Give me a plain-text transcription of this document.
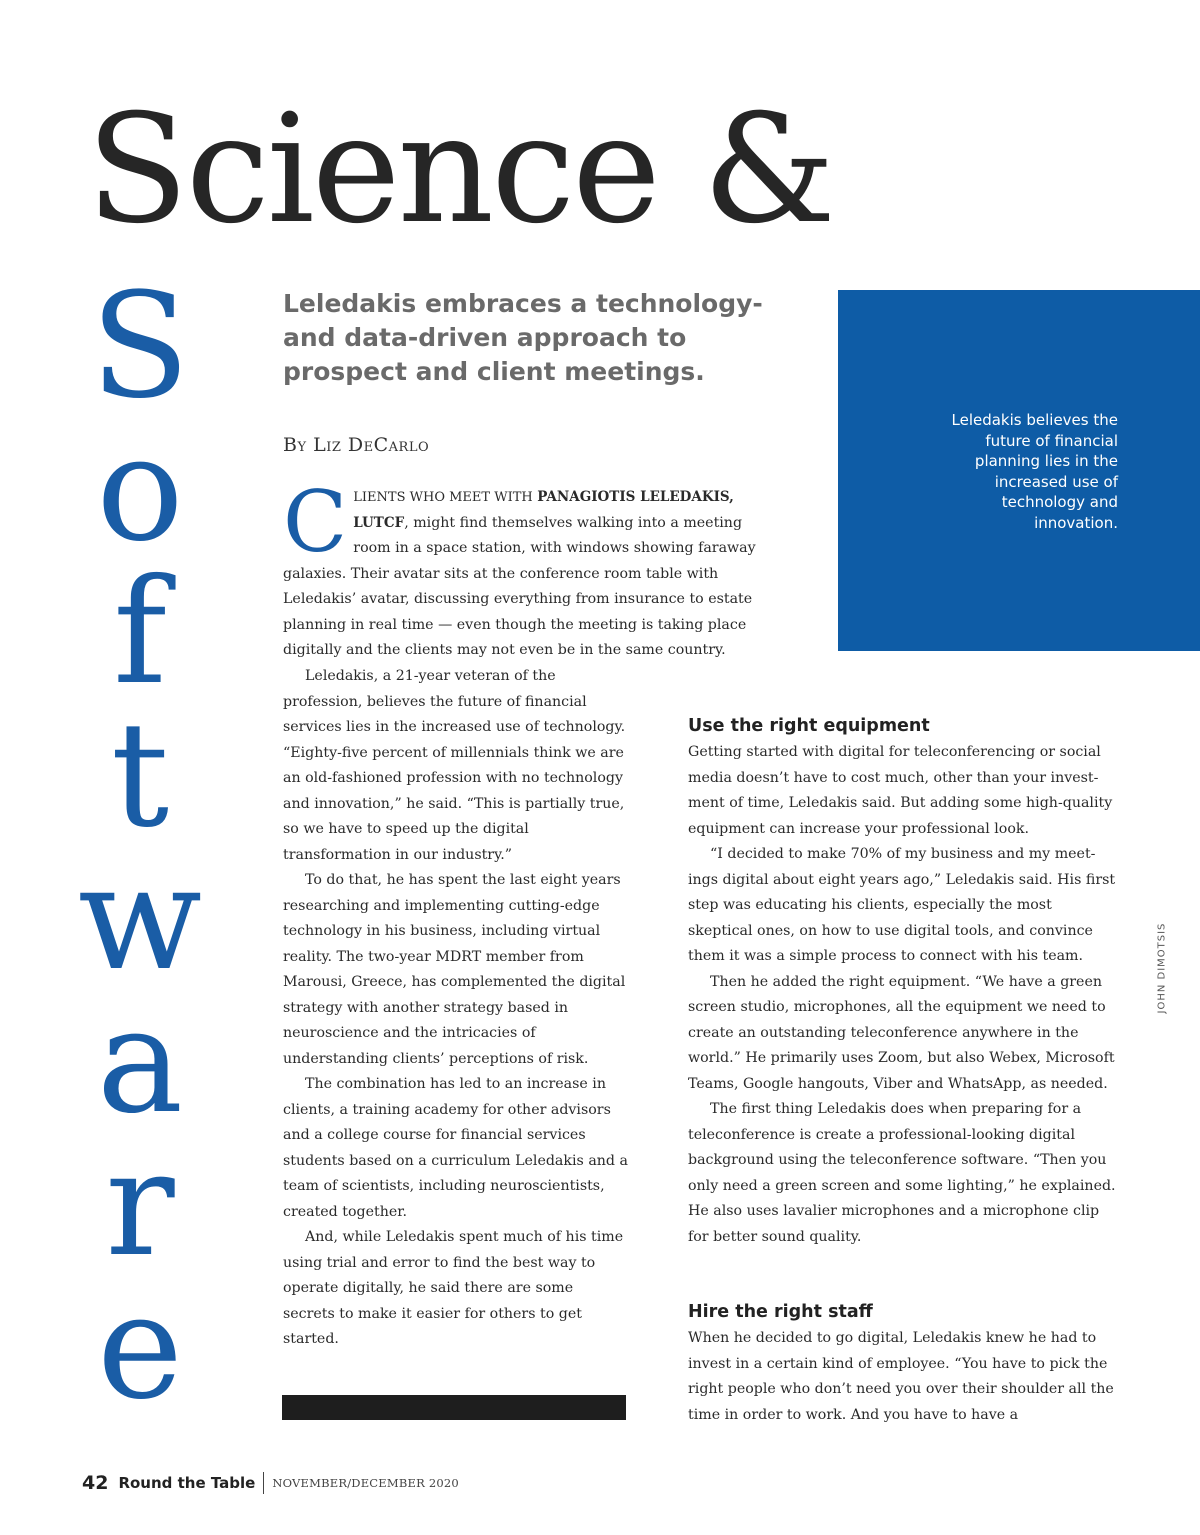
Science &
S
o
f
t
w
a
r
e

Leledakis embraces a technology- and data-driven approach to prospect and client meetings.

By Liz DeCarlo

Leledakis believes the future of financial planning lies in the increased use of technology and innovation.

C LIENTS WHO MEET WITH PANAGIOTIS LELEDAKIS, LUTCF, might find themselves walking into a meeting room in a space station, with windows showing faraway galaxies. Their avatar sits at the conference room table with Leledakis’ avatar, discussing everything from insurance to estate planning in real time — even though the meeting is taking place digitally and the clients may not even be in the same country.

Leledakis, a 21-year veteran of the profession, believes the future of financial services lies in the increased use of technology. “Eighty-five percent of millennials think we are an old-fashioned profession with no technology and innovation,” he said. “This is partially true, so we have to speed up the digital transformation in our industry.”

To do that, he has spent the last eight years researching and implementing cutting-edge technology in his business, including virtual reality. The two-year MDRT member from Marousi, Greece, has complemented the digital strategy with another strategy based in neuroscience and the intricacies of understanding clients’ perceptions of risk.

The combination has led to an increase in clients, a training academy for other advisors and a college course for financial services students based on a curriculum Leledakis and a team of scientists, including neuroscientists, created together.

And, while Leledakis spent much of his time using trial and error to find the best way to operate digitally, he said there are some secrets to make it easier for others to get started.

Use the right equipment

Getting started with digital for teleconferencing or social media doesn’t have to cost much, other than your investment of time, Leledakis said. But adding some high-quality equipment can increase your professional look.

“I decided to make 70% of my business and my meetings digital about eight years ago,” Leledakis said. His first step was educating his clients, especially the most skeptical ones, on how to use digital tools, and convince them it was a simple process to connect with his team.

Then he added the right equipment. “We have a green screen studio, microphones, all the equipment we need to create an outstanding teleconference anywhere in the world.” He primarily uses Zoom, but also Webex, Microsoft Teams, Google hangouts, Viber and WhatsApp, as needed.

The first thing Leledakis does when preparing for a teleconference is create a professional-looking digital background using the teleconference software. “Then you only need a green screen and some lighting,” he explained. He also uses lavalier microphones and a microphone clip for better sound quality.

Hire the right staff

When he decided to go digital, Leledakis knew he had to invest in a certain kind of employee. “You have to pick the right people who don’t need you over their shoulder all the time in order to work. And you have to have a

JOHN DIMOTSIS
42 Round the Table NOVEMBER/DECEMBER 2020
